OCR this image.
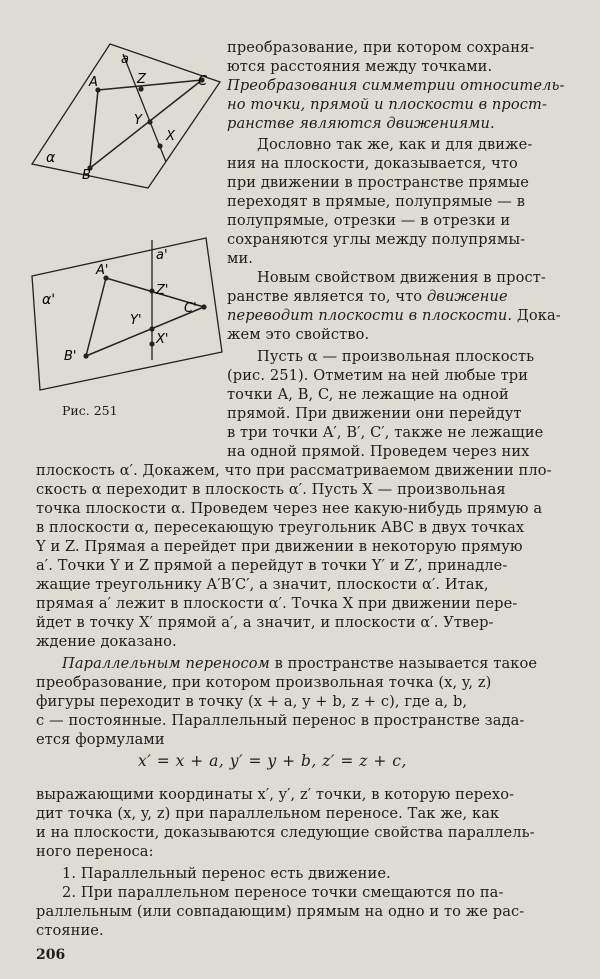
a
A	Z	C
Y
X
B
α
a'
A'
Z'
C'
Y'
X'
B'
α'
Рис. 251
преобразование, при котором сохраня-
ются расстояния между точками.
Преобразования симметрии относитель-
но точки, прямой и плоскости в прост-
ранстве являются движениями.
Дословно так же, как и для движе-
ния на плоскости, доказывается, что
при движении в пространстве прямые
переходят в прямые, полупрямые — в
полупрямые, отрезки — в отрезки и
сохраняются углы между полупрямы-
ми.
Новым свойством движения в прост-
ранстве является то, что движение
переводит плоскости в плоскости. Дока-
жем это свойство.
Пусть α — произвольная плоскость
(рис. 251). Отметим на ней любые три
точки A, B, C, не лежащие на одной
прямой. При движении они перейдут
в три точки A′, B′, C′, также не лежащие
на одной прямой. Проведем через них
плоскость α′. Докажем, что при рассматриваемом движении пло-
скость α переходит в плоскость α′. Пусть X — произвольная
точка плоскости α. Проведем через нее какую-нибудь прямую a
в плоскости α, пересекающую треугольник ABC в двух точках
Y и Z. Прямая a перейдет при движении в некоторую прямую
a′. Точки Y и Z прямой a перейдут в точки Y′ и Z′, принадле-
жащие треугольнику A′B′C′, а значит, плоскости α′. Итак,
прямая a′ лежит в плоскости α′. Точка X при движении пере-
йдет в точку X′ прямой a′, а значит, и плоскости α′. Утвер-
ждение доказано.
Параллельным переносом в пространстве называется такое
преобразование, при котором произвольная точка (x, y, z)
фигуры переходит в точку (x + a, y + b, z + c), где a, b,
c — постоянные. Параллельный перенос в пространстве зада-
ется формулами
x′ = x + a, y′ = y + b, z′ = z + c,
выражающими координаты x′, y′, z′ точки, в которую перехо-
дит точка (x, y, z) при параллельном переносе. Так же, как
и на плоскости, доказываются следующие свойства параллель-
ного переноса:
1. Параллельный перенос есть движение.
2. При параллельном переносе точки смещаются по па-
раллельным (или совпадающим) прямым на одно и то же рас-
стояние.
206
